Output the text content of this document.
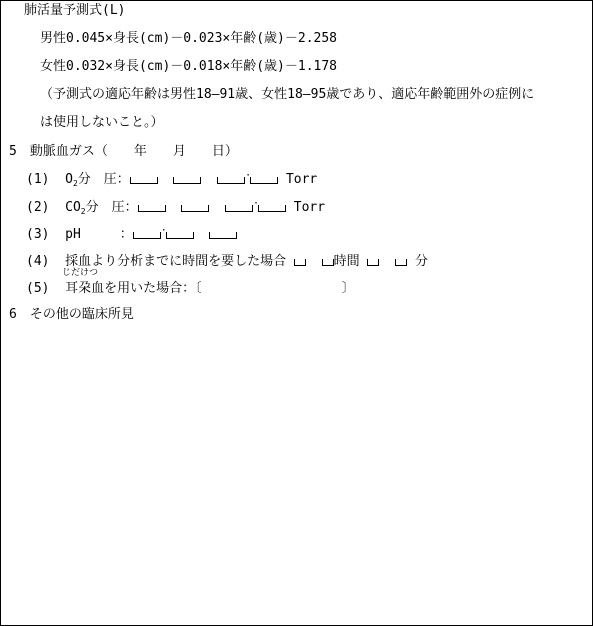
肺活量予測式(L)
男性0.045×身長(cm)－0.023×年齢(歳)－2.258
女性0.032×身長(cm)－0.018×年齢(歳)－1.178
（予測式の適応年齢は男性18―91歳、女性18―95歳であり、適応年齢範囲外の症例に
は使用しないこと。）
5　動脈血ガス（　　年　　月　　日）
(1) $O_2$分　圧：	·	Torr
(2) $CO_2$分　圧：	·	Torr
(3) pH　　　：	·
(4) 採血より分析までに時間を要した場合	時間	分
じだけつ
(5) 耳朶血を用いた場合：〔	〕
6　その他の臨床所見
